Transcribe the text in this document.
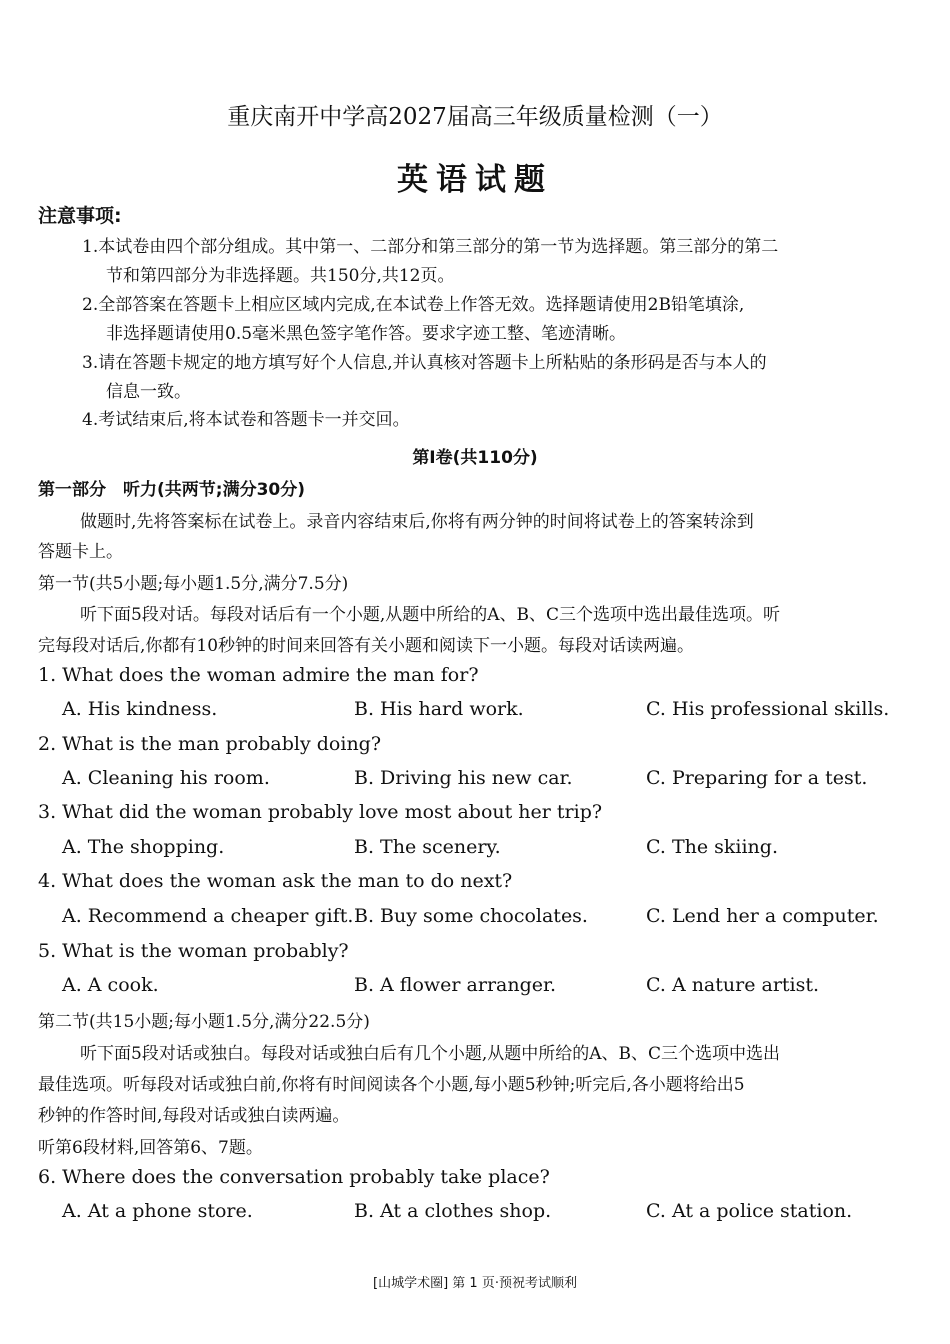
重庆南开中学高2027届高三年级质量检测（一）
英语试题
注意事项:
1.本试卷由四个部分组成。其中第一、二部分和第三部分的第一节为选择题。第三部分的第二
节和第四部分为非选择题。共150分,共12页。
2.全部答案在答题卡上相应区域内完成,在本试卷上作答无效。选择题请使用2B铅笔填涂,
非选择题请使用0.5毫米黑色签字笔作答。要求字迹工整、笔迹清晰。
3.请在答题卡规定的地方填写好个人信息,并认真核对答题卡上所粘贴的条形码是否与本人的
信息一致。
4.考试结束后,将本试卷和答题卡一并交回。
第Ⅰ卷(共110分)
第一部分　听力(共两节;满分30分)
做题时,先将答案标在试卷上。录音内容结束后,你将有两分钟的时间将试卷上的答案转涂到
答题卡上。
第一节(共5小题;每小题1.5分,满分7.5分)
听下面5段对话。每段对话后有一个小题,从题中所给的A、B、C三个选项中选出最佳选项。听
完每段对话后,你都有10秒钟的时间来回答有关小题和阅读下一小题。每段对话读两遍。
1. What does the woman admire the man for?
A. His kindness.	B. His hard work.	C. His professional skills.
2. What is the man probably doing?
A. Cleaning his room.	B. Driving his new car.	C. Preparing for a test.
3. What did the woman probably love most about her trip?
A. The shopping.	B. The scenery.	C. The skiing.
4. What does the woman ask the man to do next?
A. Recommend a cheaper gift. B. Buy some chocolates.	C. Lend her a computer.
5. What is the woman probably?
A. A cook.	B. A flower arranger.	C. A nature artist.
第二节(共15小题;每小题1.5分,满分22.5分)
听下面5段对话或独白。每段对话或独白后有几个小题,从题中所给的A、B、C三个选项中选出
最佳选项。听每段对话或独白前,你将有时间阅读各个小题,每小题5秒钟;听完后,各小题将给出5
秒钟的作答时间,每段对话或独白读两遍。
听第6段材料,回答第6、7题。
6. Where does the conversation probably take place?
A. At a phone store.	B. At a clothes shop.	C. At a police station.
[山城学术圈] 第 1 页·预祝考试顺利
